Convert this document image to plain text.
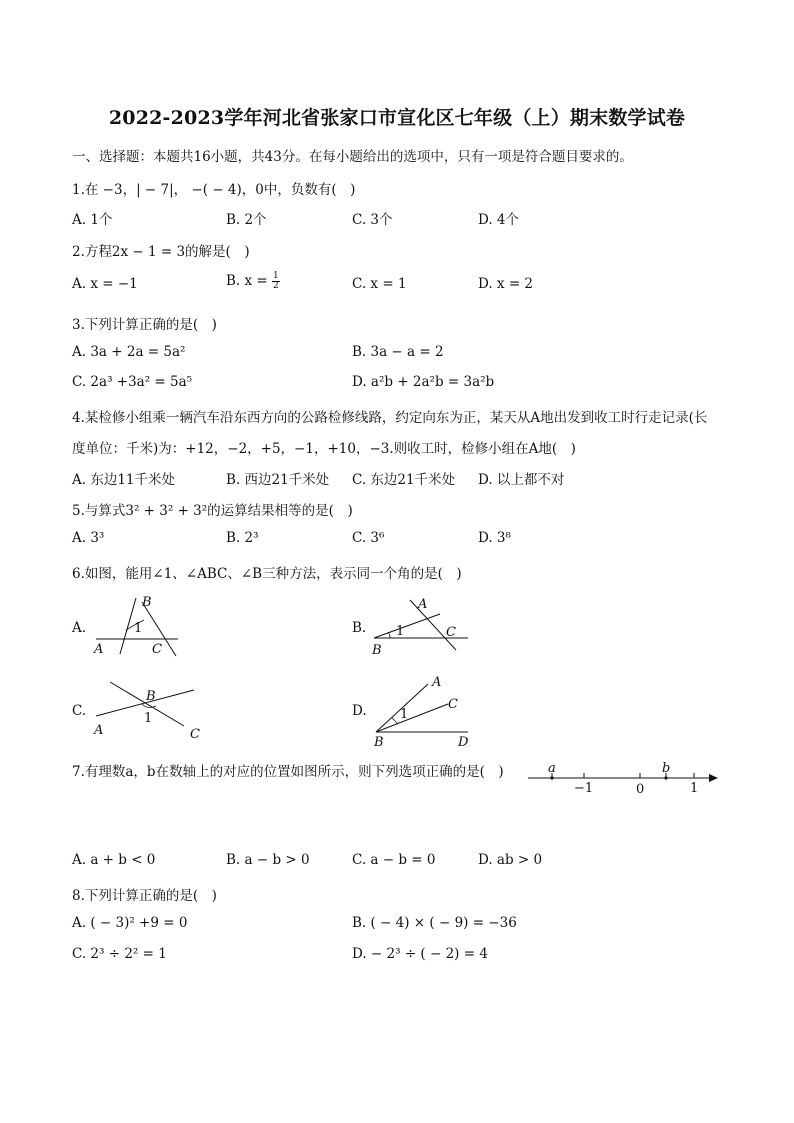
2022-2023学年河北省张家口市宣化区七年级（上）期末数学试卷
一、选择题：本题共16小题，共43分。在每小题给出的选项中，只有一项是符合题目要求的。
1.在 −3，| − 7|， −( − 4)，0中，负数有(　)
A. 1个	B. 2个	C. 3个	D. 4个
2.方程2x − 1 = 3的解是(　)
A. x = −1	B. $x = \frac{1}{2}$	C. x = 1	D. x = 2
3.下列计算正确的是(　)
A. 3a + 2a = 5a²	B. 3a − a = 2
C. 2a³ +3a² = 5a⁵	D. a²b + 2a²b = 3a²b
4.某检修小组乘一辆汽车沿东西方向的公路检修线路，约定向东为正，某天从A地出发到收工时行走记录(长
度单位：千米)为：+12，−2，+5，−1，+10，−3.则收工时，检修小组在A地(　)
A. 东边11千米处	B. 西边21千米处 C. 东边21千米处 D. 以上都不对
5.与算式3² + 3² + 3²的运算结果相等的是(　)
A. 3³	B. 2³	C. 3⁶	D. 3⁸
6.如图，能用∠1、∠ABC、∠B三种方法，表示同一个角的是(　)
A.	B.
C.	D.
B
1
A	C
A
1	C
B
B
1
A	C
A
1
C
B	D
7.有理数a，b在数轴上的对应的位置如图所示，则下列选项正确的是(　)	a	b
−1	0	1
A. a + b < 0	B. a − b > 0	C. a − b = 0	D. ab > 0
8.下列计算正确的是(　)
A. ( − 3)² +9 = 0	B. ( − 4) × ( − 9) = −36
C. 2³ ÷ 2² = 1	D. − 2³ ÷ ( − 2) = 4
